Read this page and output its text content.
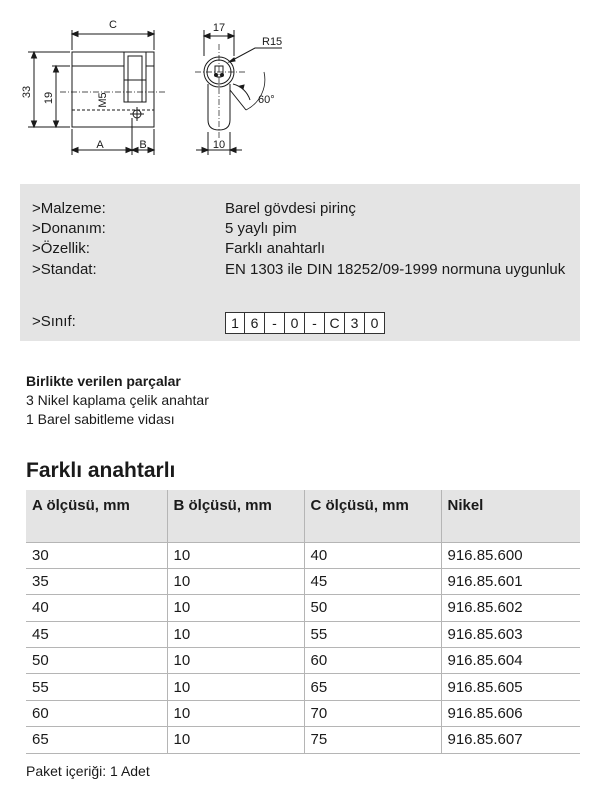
C
A	B
33 19	M5
17
R15
60°
10
>Malzeme:	Barel gövdesi pirinç
>Donanım:	5 yaylı pim
>Özellik:	Farklı anahtarlı
>Standat:	EN 1303 ile DIN 18252/09-1999 normuna uygunluk
>Sınıf:	1 6 - 0 - C 3 0
Birlikte verilen parçalar
3 Nikel kaplama çelik anahtar
1 Barel sabitleme vidası
Farklı anahtarlı
A ölçüsü, mm	B ölçüsü, mm	C ölçüsü, mm	Nikel
30	10	40	916.85.600
35	10	45	916.85.601
40	10	50	916.85.602
45	10	55	916.85.603
50	10	60	916.85.604
55	10	65	916.85.605
60	10	70	916.85.606
65	10	75	916.85.607
Paket içeriği: 1 Adet
